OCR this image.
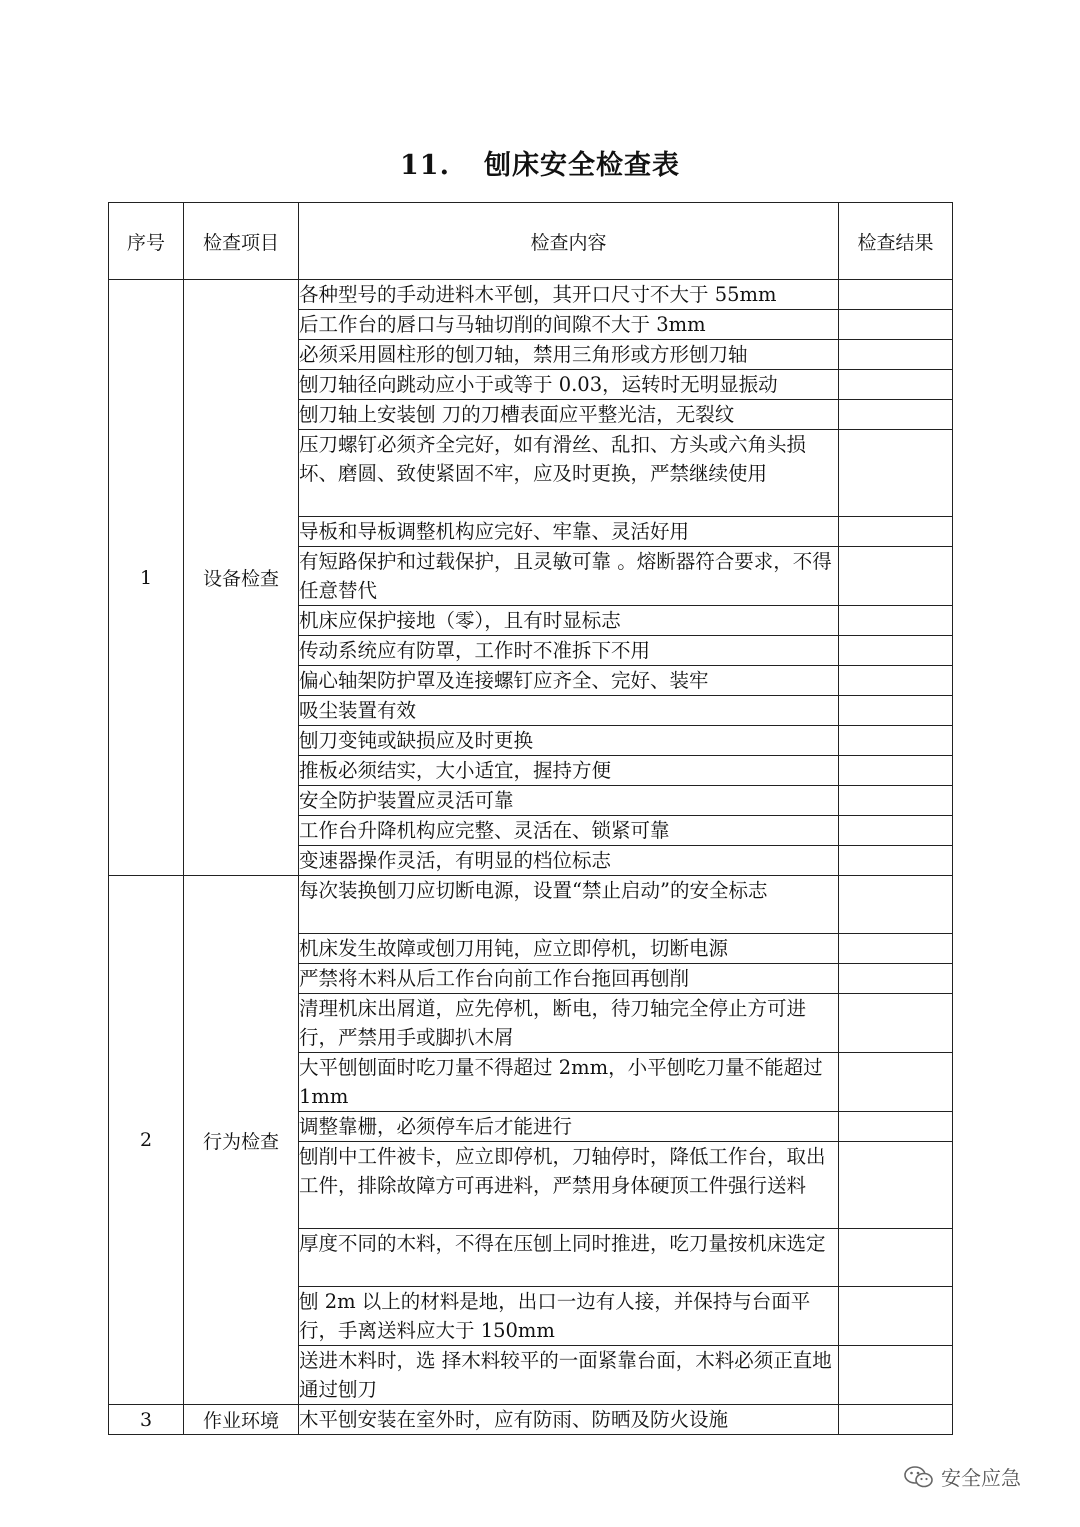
11. 刨床安全检查表
序号	检查项目	检查内容	检查结果
1	设备检查	各种型号的手动进料木平刨，其开口尺寸不大于 55mm	
		后工作台的唇口与马轴切削的间隙不大于 3mm	
		必须采用圆柱形的刨刀轴，禁用三角形或方形刨刀轴	
		刨刀轴径向跳动应小于或等于 0.03，运转时无明显振动	
		刨刀轴上安装刨 刀的刀槽表面应平整光洁，无裂纹	
		压刀螺钉必须齐全完好，如有滑丝、乱扣、方头或六角头损坏、磨圆、致使紧固不牢，应及时更换，严禁继续使用	
		导板和导板调整机构应完好、牢靠、灵活好用	
		有短路保护和过载保护，且灵敏可靠 。熔断器符合要求，不得任意替代	
		机床应保护接地（零），且有时显标志	
		传动系统应有防罩，工作时不准拆下不用	
		偏心轴架防护罩及连接螺钉应齐全、完好、装牢	
		吸尘装置有效	
		刨刀变钝或缺损应及时更换	
		推板必须结实，大小适宜，握持方便	
		安全防护装置应灵活可靠	
		工作台升降机构应完整、灵活在、锁紧可靠	
		变速器操作灵活，有明显的档位标志	
2	行为检查	每次装换刨刀应切断电源，设置“禁止启动”的安全标志	
		机床发生故障或刨刀用钝，应立即停机，切断电源	
		严禁将木料从后工作台向前工作台拖回再刨削	
		清理机床出屑道，应先停机，断电，待刀轴完全停止方可进行，严禁用手或脚扒木屑	
		大平刨刨面时吃刀量不得超过 2mm，小平刨吃刀量不能超过 1mm	
		调整靠栅，必须停车后才能进行	
		刨削中工件被卡，应立即停机，刀轴停时，降低工作台，取出工件，排除故障方可再进料，严禁用身体硬顶工件强行送料	
		厚度不同的木料，不得在压刨上同时推进，吃刀量按机床选定	
		刨 2m 以上的材料是地，出口一边有人接，并保持与台面平行，手离送料应大于 150mm	
		送进木料时，选 择木料较平的一面紧靠台面，木料必须正直地通过刨刀	
3	作业环境	木平刨安装在室外时，应有防雨、防晒及防火设施	
安全应急
